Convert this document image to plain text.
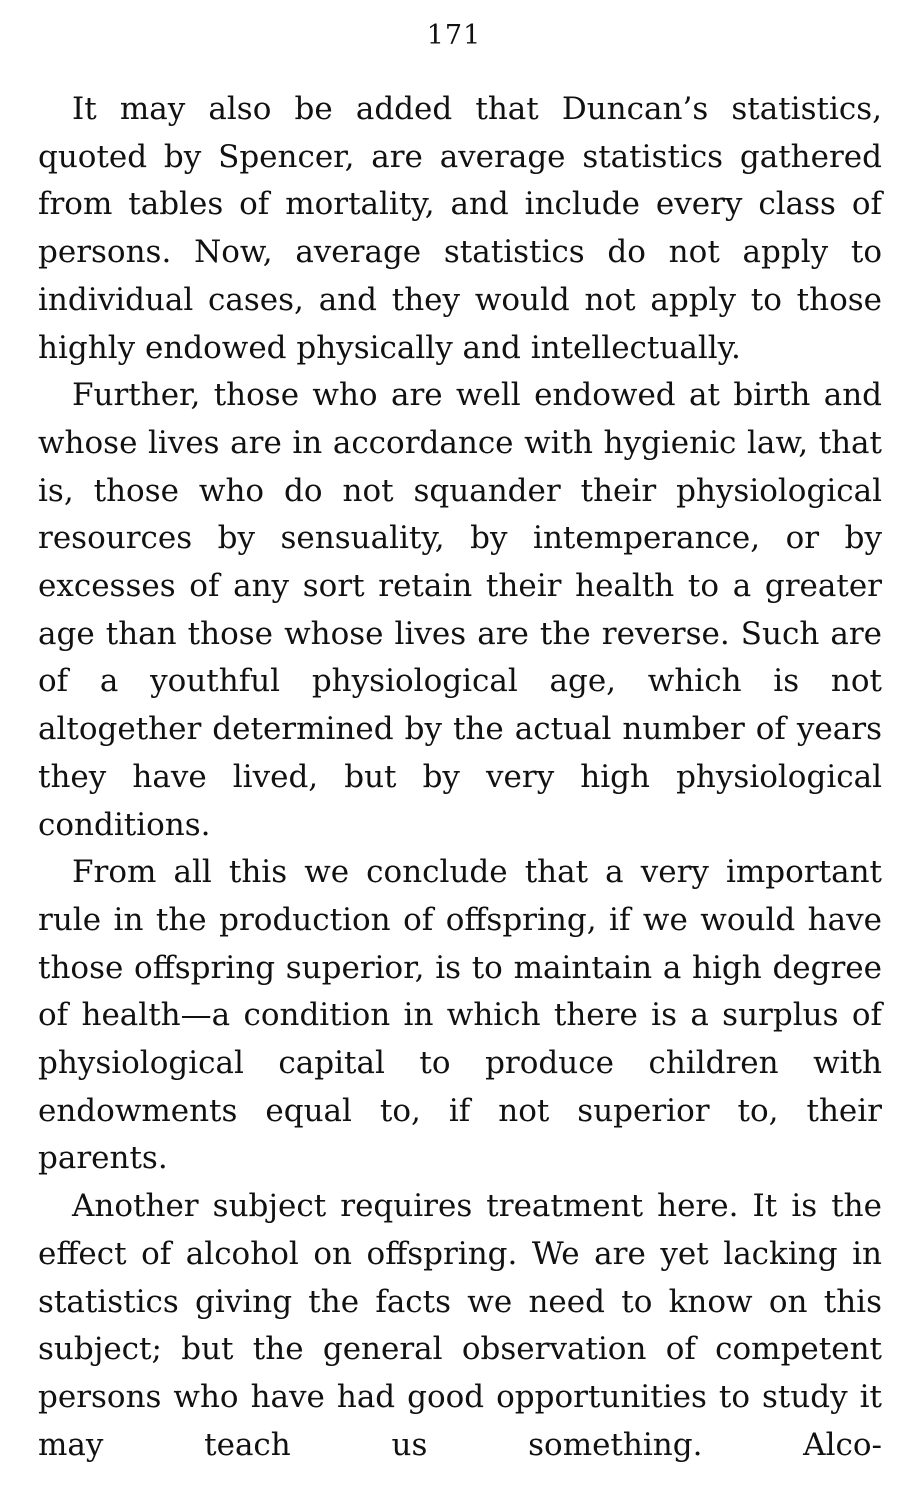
171

It may also be added that Duncan’s statistics, quoted by Spencer, are average statistics gathered from tables of mortality, and include every class of persons. Now, average statistics do not apply to individual cases, and they would not apply to those highly endowed physically and intellectually.

Further, those who are well endowed at birth and whose lives are in accordance with hygienic law, that is, those who do not squander their physiological resources by sensuality, by intemperance, or by excesses of any sort retain their health to a greater age than those whose lives are the reverse. Such are of a youthful physiological age, which is not altogether determined by the actual number of years they have lived, but by very high physiological conditions.

From all this we conclude that a very important rule in the production of offspring, if we would have those offspring superior, is to maintain a high degree of health—a condition in which there is a surplus of physiological capital to produce children with endowments equal to, if not superior to, their parents.

Another subject requires treatment here. It is the effect of alcohol on offspring. We are yet lacking in statistics giving the facts we need to know on this subject; but the general observation of competent persons who have had good opportunities to study it may teach us something. Alco-
